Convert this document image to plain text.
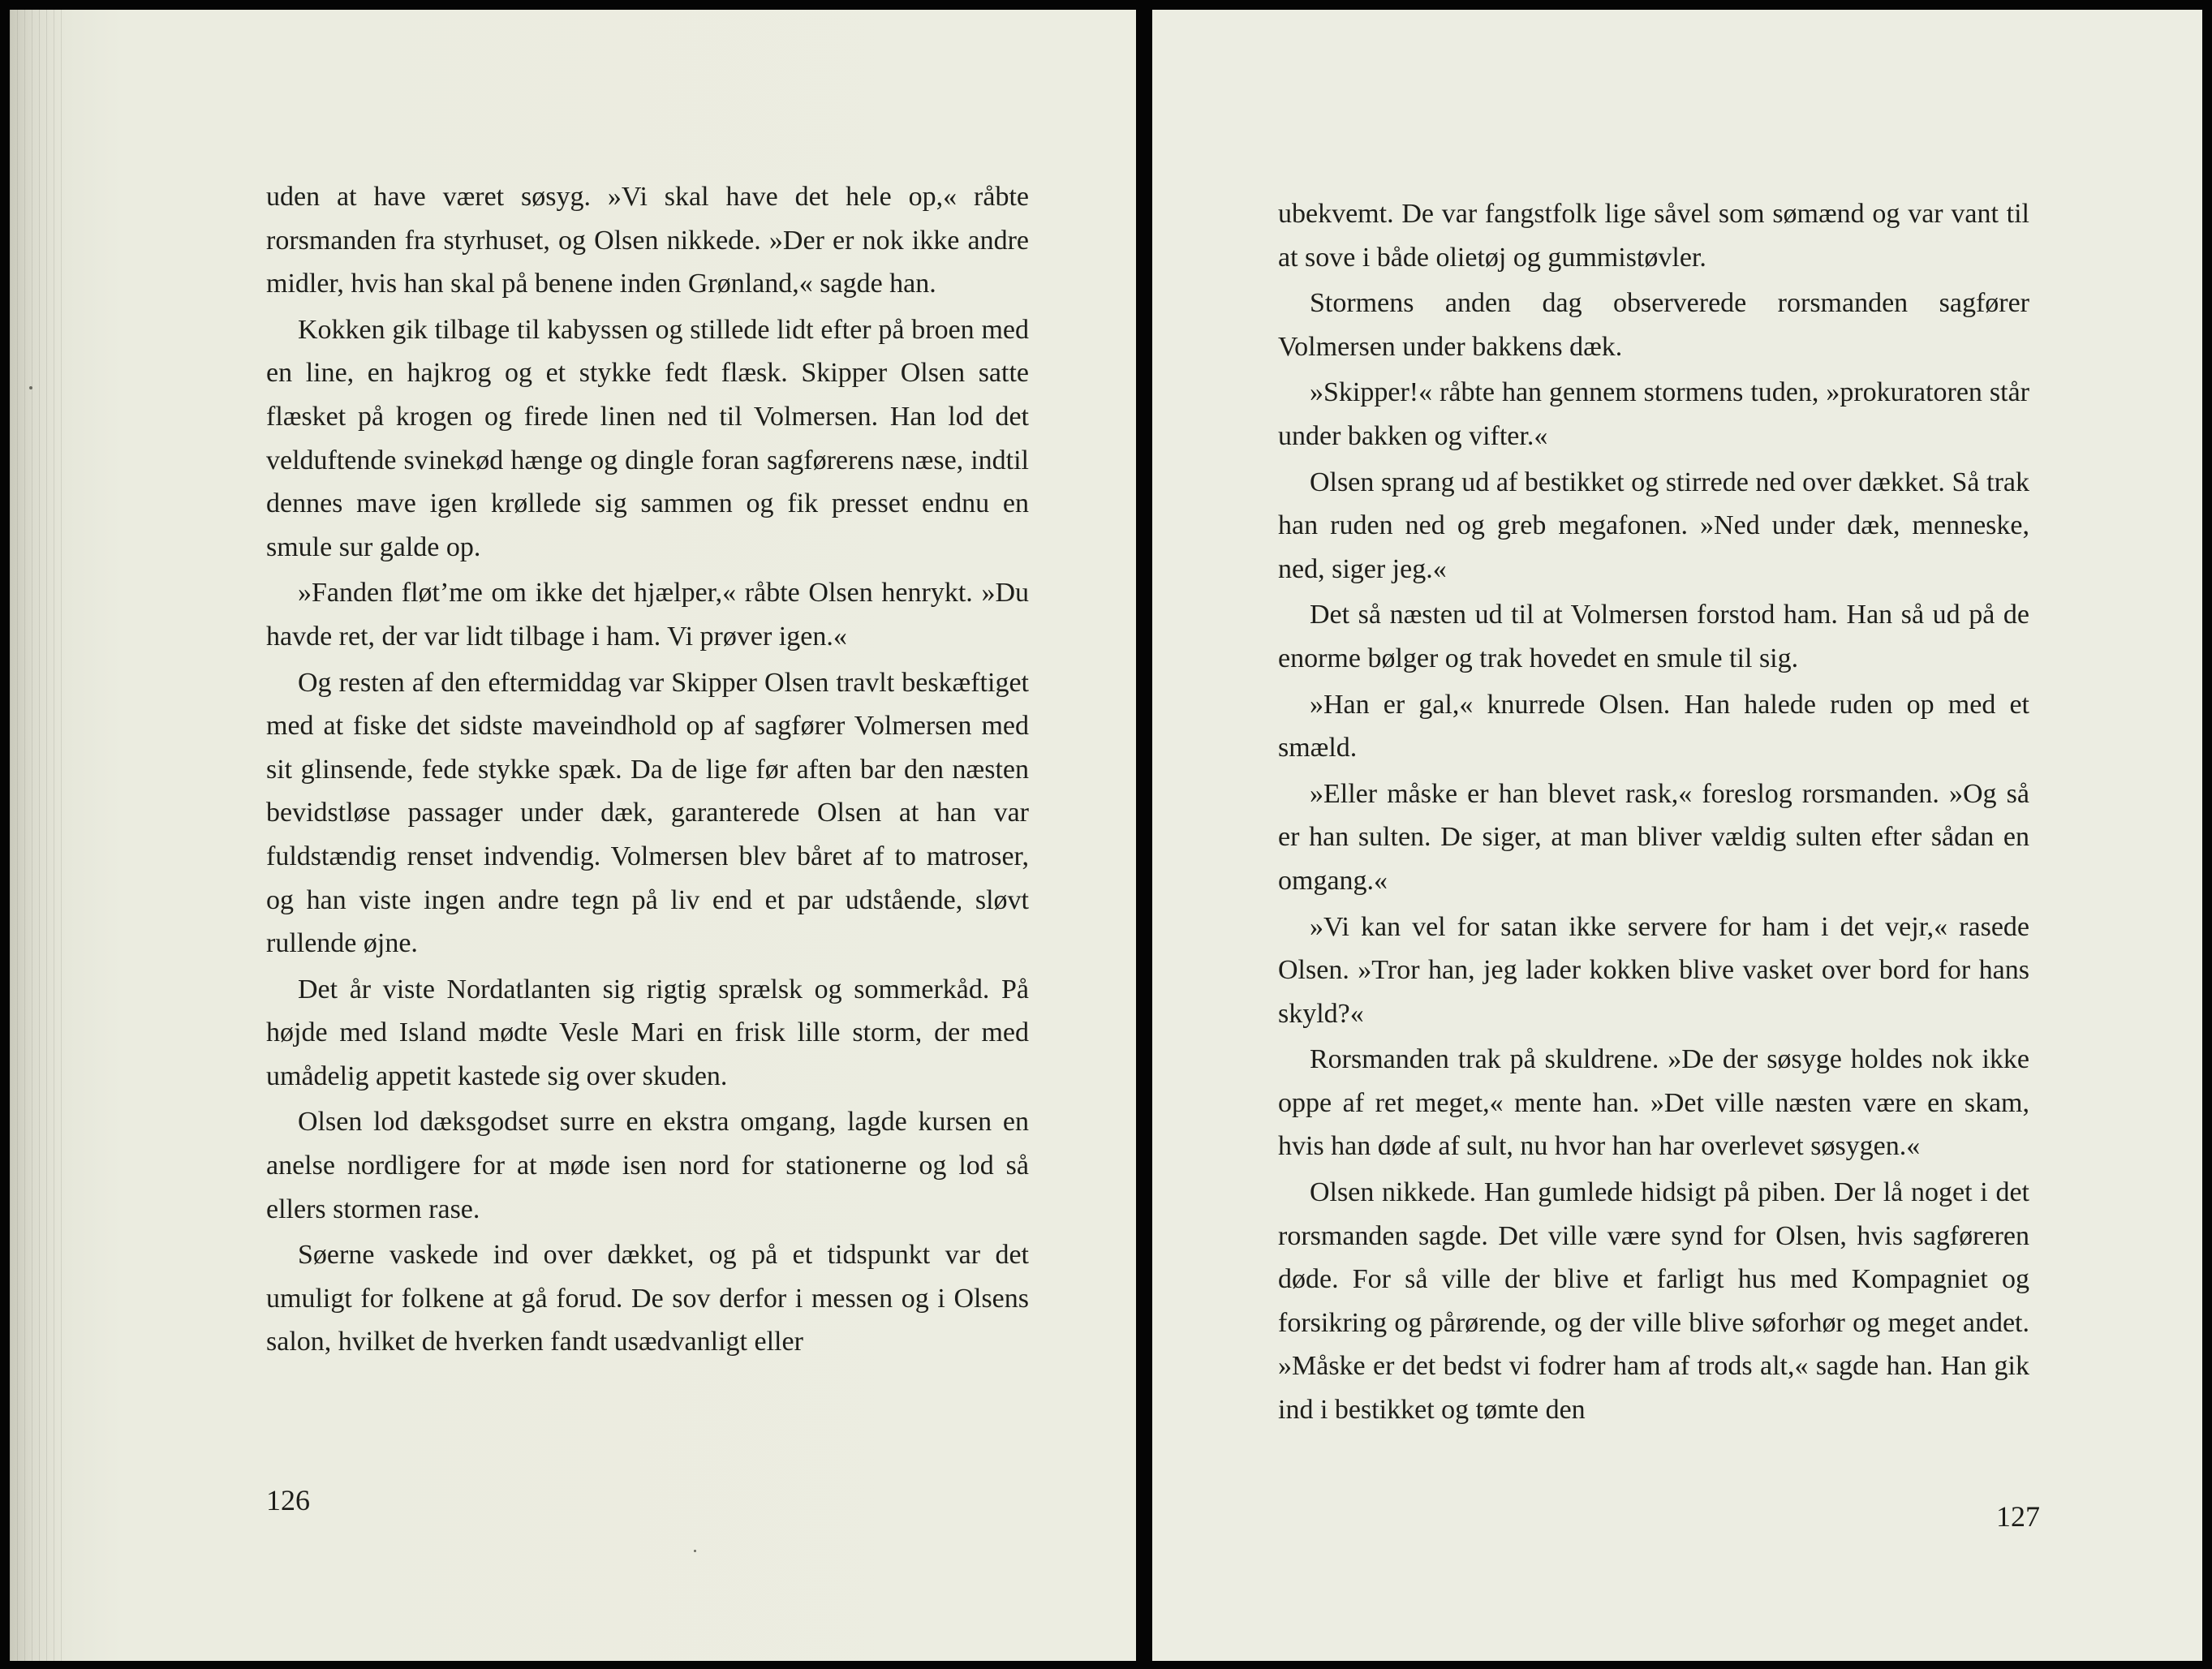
uden at have været søsyg. »Vi skal have det hele op,« råbte rorsmanden fra styrhuset, og Olsen nikkede. »Der er nok ikke andre midler, hvis han skal på benene inden Grønland,« sagde han.

Kokken gik tilbage til kabyssen og stillede lidt efter på broen med en line, en hajkrog og et stykke fedt flæsk. Skipper Olsen satte flæsket på krogen og firede linen ned til Volmersen. Han lod det velduftende svinekød hænge og dingle foran sagførerens næse, indtil dennes mave igen krøllede sig sammen og fik presset endnu en smule sur galde op.

»Fanden fløt’me om ikke det hjælper,« råbte Olsen henrykt. »Du havde ret, der var lidt tilbage i ham. Vi prøver igen.«

Og resten af den eftermiddag var Skipper Olsen travlt beskæftiget med at fiske det sidste maveindhold op af sagfører Volmersen med sit glinsende, fede stykke spæk. Da de lige før aften bar den næsten bevidstløse passager under dæk, garanterede Olsen at han var fuldstændig renset indvendig. Volmersen blev båret af to matroser, og han viste ingen andre tegn på liv end et par udstående, sløvt rullende øjne.

Det år viste Nordatlanten sig rigtig sprælsk og sommerkåd. På højde med Island mødte Vesle Mari en frisk lille storm, der med umådelig appetit kastede sig over skuden.

Olsen lod dæksgodset surre en ekstra omgang, lagde kursen en anelse nordligere for at møde isen nord for stationerne og lod så ellers stormen rase.

Søerne vaskede ind over dækket, og på et tidspunkt var det umuligt for folkene at gå forud. De sov derfor i messen og i Olsens salon, hvilket de hverken fandt usædvanligt eller

126

ubekvemt. De var fangstfolk lige såvel som sømænd og var vant til at sove i både olietøj og gummistøvler.

Stormens anden dag observerede rorsmanden sagfører Volmersen under bakkens dæk.

»Skipper!« råbte han gennem stormens tuden, »prokuratoren står under bakken og vifter.«

Olsen sprang ud af bestikket og stirrede ned over dækket. Så trak han ruden ned og greb megafonen. »Ned under dæk, menneske, ned, siger jeg.«

Det så næsten ud til at Volmersen forstod ham. Han så ud på de enorme bølger og trak hovedet en smule til sig.

»Han er gal,« knurrede Olsen. Han halede ruden op med et smæld.

»Eller måske er han blevet rask,« foreslog rorsmanden. »Og så er han sulten. De siger, at man bliver vældig sulten efter sådan en omgang.«

»Vi kan vel for satan ikke servere for ham i det vejr,« rasede Olsen. »Tror han, jeg lader kokken blive vasket over bord for hans skyld?«

Rorsmanden trak på skuldrene. »De der søsyge holdes nok ikke oppe af ret meget,« mente han. »Det ville næsten være en skam, hvis han døde af sult, nu hvor han har overlevet søsygen.«

Olsen nikkede. Han gumlede hidsigt på piben. Der lå noget i det rorsmanden sagde. Det ville være synd for Olsen, hvis sagføreren døde. For så ville der blive et farligt hus med Kompagniet og forsikring og pårørende, og der ville blive søforhør og meget andet. »Måske er det bedst vi fodrer ham af trods alt,« sagde han. Han gik ind i bestikket og tømte den

127
